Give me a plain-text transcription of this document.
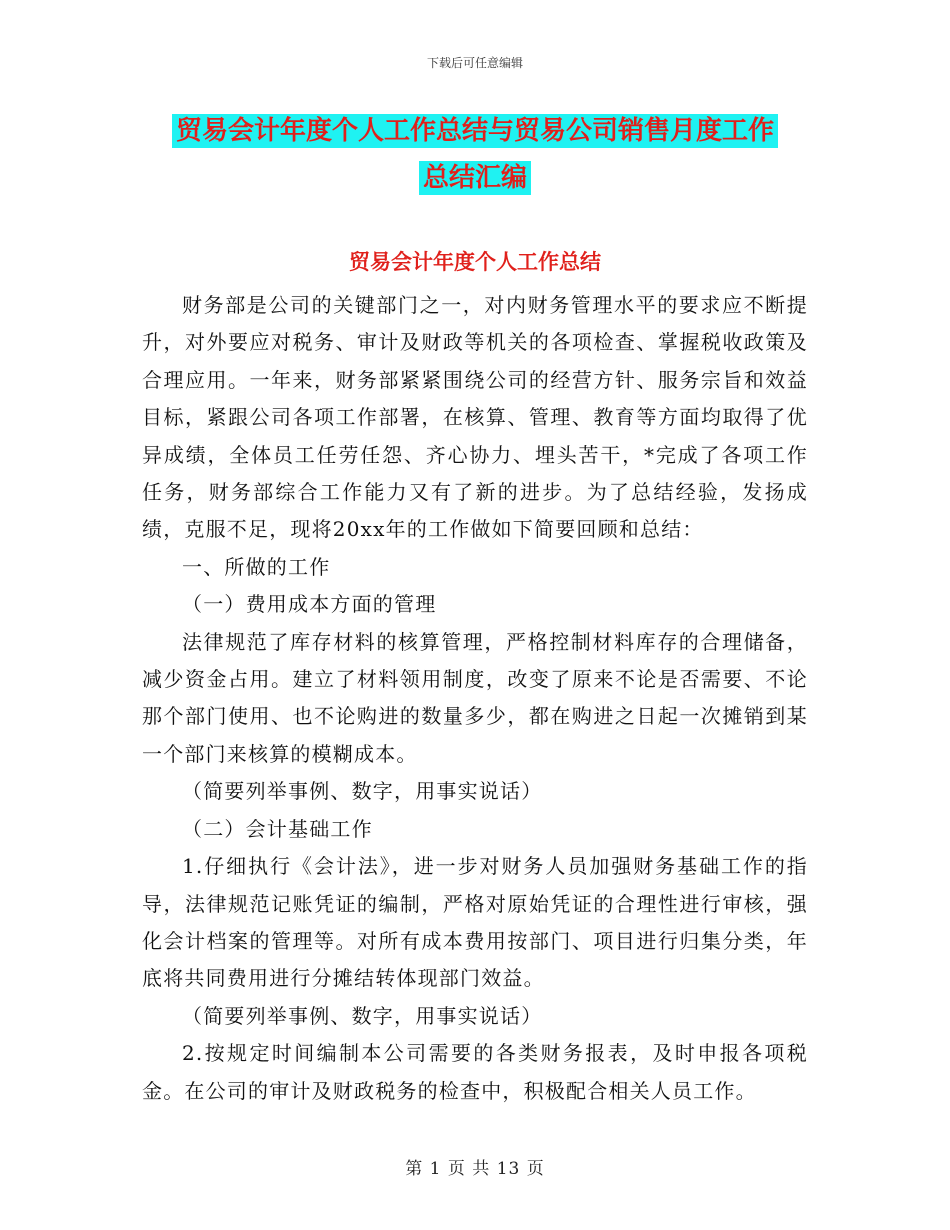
下载后可任意编辑
贸易会计年度个人工作总结与贸易公司销售月度工作
总结汇编
贸易会计年度个人工作总结

财务部是公司的关键部门之一，对内财务管理水平的要求应不断提升，对外要应对税务、审计及财政等机关的各项检查、掌握税收政策及合理应用。一年来，财务部紧紧围绕公司的经营方针、服务宗旨和效益目标，紧跟公司各项工作部署，在核算、管理、教育等方面均取得了优异成绩，全体员工任劳任怨、齐心协力、埋头苦干，*完成了各项工作任务，财务部综合工作能力又有了新的进步。为了总结经验，发扬成绩，克服不足，现将20xx年的工作做如下简要回顾和总结：

一、所做的工作

（一）费用成本方面的管理

法律规范了库存材料的核算管理，严格控制材料库存的合理储备，减少资金占用。建立了材料领用制度，改变了原来不论是否需要、不论那个部门使用、也不论购进的数量多少，都在购进之日起一次摊销到某一个部门来核算的模糊成本。

（简要列举事例、数字，用事实说话）

（二）会计基础工作

1.仔细执行《会计法》，进一步对财务人员加强财务基础工作的指导，法律规范记账凭证的编制，严格对原始凭证的合理性进行审核，强化会计档案的管理等。对所有成本费用按部门、项目进行归集分类，年底将共同费用进行分摊结转体现部门效益。

（简要列举事例、数字，用事实说话）

2.按规定时间编制本公司需要的各类财务报表，及时申报各项税金。在公司的审计及财政税务的检查中，积极配合相关人员工作。

第 1 页 共 13 页
